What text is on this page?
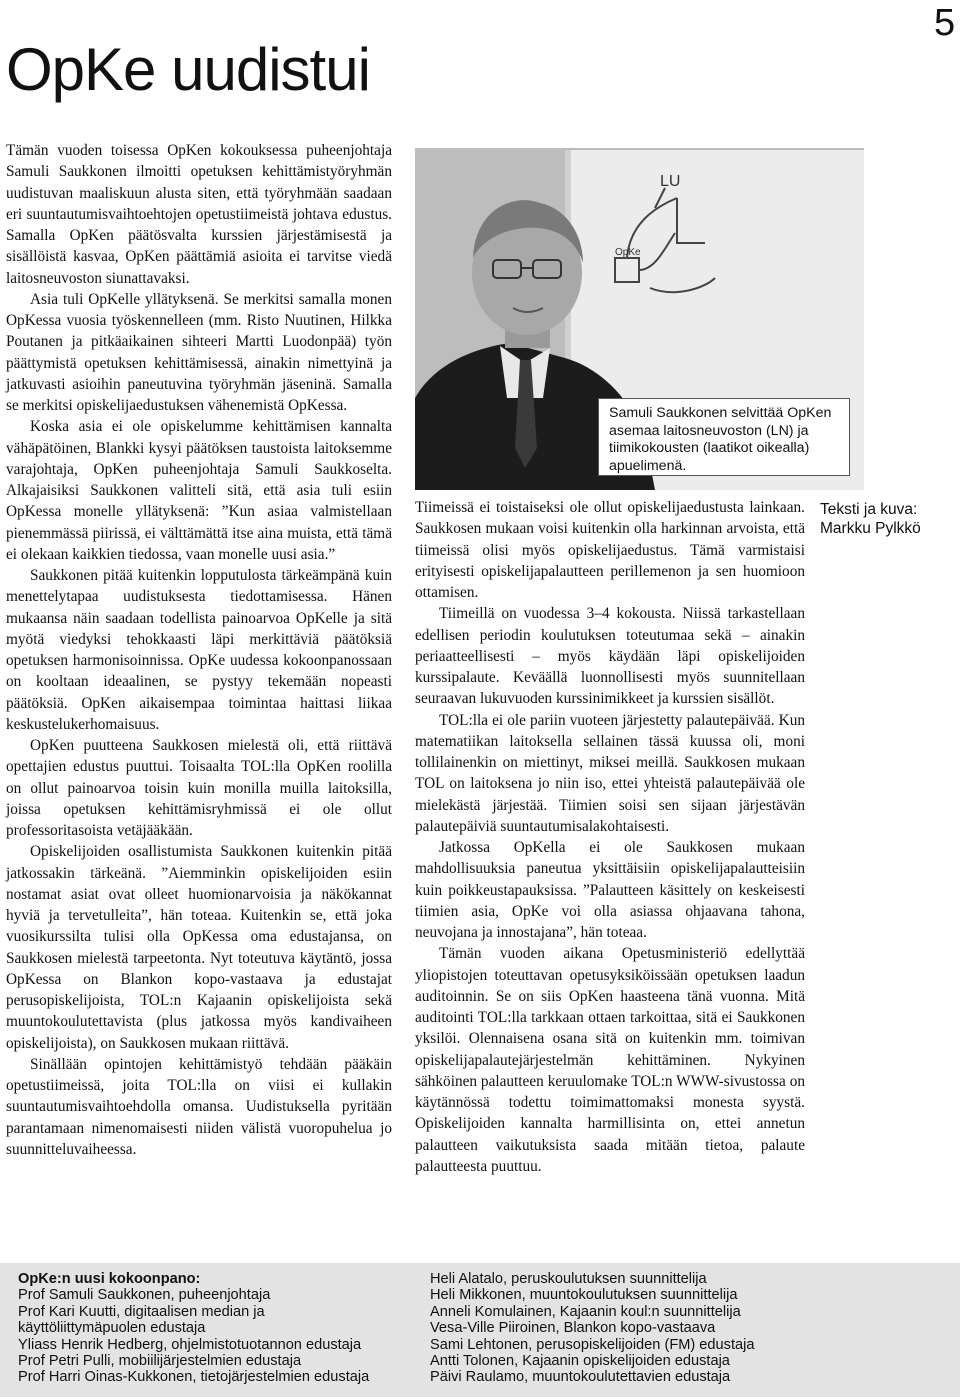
5
OpKe uudistui

Tämän vuoden toisessa OpKen kokouksessa puheenjohtaja Samuli Saukkonen ilmoitti opetuksen kehittämistyöryhmän uudistuvan maaliskuun alusta siten, että työryhmään saadaan eri suuntautumisvaihtoehtojen opetustiimeistä johtava edustus. Samalla OpKen päätösvalta kurssien järjestämisestä ja sisällöistä kasvaa, OpKen päättämiä asioita ei tarvitse viedä laitosneuvoston siunattavaksi.

Asia tuli OpKelle yllätyksenä. Se merkitsi samalla monen OpKessa vuosia työskennelleen (mm. Risto Nuutinen, Hilkka Poutanen ja pitkäaikainen sihteeri Martti Luodonpää) työn päättymistä opetuksen kehittämisessä, ainakin nimettyinä ja jatkuvasti asioihin paneutuvina työryhmän jäseninä. Samalla se merkitsi opiskelijaedustuksen vähenemistä OpKessa.

Koska asia ei ole opiskelumme kehittämisen kannalta vähäpätöinen, Blankki kysyi päätöksen taustoista laitoksemme varajohtaja, OpKen puheenjohtaja Samuli Saukkoselta. Alkajaisiksi Saukkonen valitteli sitä, että asia tuli esiin OpKessa monelle yllätyksenä: ”Kun asiaa valmistellaan pienemmässä piirissä, ei välttämättä itse aina muista, että tämä ei olekaan kaikkien tiedossa, vaan monelle uusi asia.”

Saukkonen pitää kuitenkin lopputulosta tärkeämpänä kuin menettelytapaa uudistuksesta tiedottamisessa. Hänen mukaansa näin saadaan todellista painoarvoa OpKelle ja sitä myötä viedyksi tehokkaasti läpi merkittäviä päätöksiä opetuksen harmonisoinnissa. OpKe uudessa kokoonpanossaan on kooltaan ideaalinen, se pystyy tekemään nopeasti päätöksiä. OpKen aikaisempaa toimintaa haittasi liikaa keskustelukerhomaisuus.

OpKen puutteena Saukkosen mielestä oli, että riittävä opettajien edustus puuttui. Toisaalta TOL:lla OpKen roolilla on ollut painoarvoa toisin kuin monilla muilla laitoksilla, joissa opetuksen kehittämisryhmissä ei ole ollut professoritasoista vetäjääkään.

Opiskelijoiden osallistumista Saukkonen kuitenkin pitää jatkossakin tärkeänä. ”Aiemminkin opiskelijoiden esiin nostamat asiat ovat olleet huomionarvoisia ja näkökannat hyviä ja tervetulleita”, hän toteaa. Kuitenkin se, että joka vuosikurssilta tulisi olla OpKessa oma edustajansa, on Saukkosen mielestä tarpeetonta. Nyt toteutuva käytäntö, jossa OpKessa on Blankon kopo-vastaava ja edustajat perusopiskelijoista, TOL:n Kajaanin opiskelijoista sekä muuntokoulutettavista (plus jatkossa myös kandivaiheen opiskelijoista), on Saukkosen mukaan riittävä.

Sinällään opintojen kehittämistyö tehdään pääkäin opetustiimeissä, joita TOL:lla on viisi ei kullakin suuntautumisvaihtoehdolla omansa. Uudistuksella pyritään parantamaan nimenomaisesti niiden välistä vuoropuhelua jo suunnitteluvaiheessa.

LU
OpKe
Samuli Saukkonen selvittää OpKen asemaa laitosneuvoston (LN) ja tiimikokousten (laatikot oikealla) apuelimenä.
Teksti ja kuva:
Markku Pylkkö

Tiimeissä ei toistaiseksi ole ollut opiskelijaedustusta lainkaan. Saukkosen mukaan voisi kuitenkin olla harkinnan arvoista, että tiimeissä olisi myös opiskelijaedustus. Tämä varmistaisi erityisesti opiskelijapalautteen perillemenon ja sen huomioon ottamisen.

Tiimeillä on vuodessa 3–4 kokousta. Niissä tarkastellaan edellisen periodin koulutuksen toteutumaa sekä – ainakin periaatteellisesti – myös käydään läpi opiskelijoiden kurssipalaute. Keväällä luonnollisesti myös suunnitellaan seuraavan lukuvuoden kurssinimikkeet ja kurssien sisällöt.

TOL:lla ei ole pariin vuoteen järjestetty palautepäivää. Kun matematiikan laitoksella sellainen tässä kuussa oli, moni tollilainenkin on miettinyt, miksei meillä. Saukkosen mukaan TOL on laitoksena jo niin iso, ettei yhteistä palautepäivää ole mielekästä järjestää. Tiimien soisi sen sijaan järjestävän palautepäiviä suuntautumisalakohtaisesti.

Jatkossa OpKella ei ole Saukkosen mukaan mahdollisuuksia paneutua yksittäisiin opiskelijapalautteisiin kuin poikkeustapauksissa. ”Palautteen käsittely on keskeisesti tiimien asia, OpKe voi olla asiassa ohjaavana tahona, neuvojana ja innostajana”, hän toteaa.

Tämän vuoden aikana Opetusministeriö edellyttää yliopistojen toteuttavan opetusyksiköissään opetuksen laadun auditoinnin. Se on siis OpKen haasteena tänä vuonna. Mitä auditointi TOL:lla tarkkaan ottaen tarkoittaa, sitä ei Saukkonen yksilöi. Olennaisena osana sitä on kuitenkin mm. toimivan opiskelijapalautejärjestelmän kehittäminen. Nykyinen sähköinen palautteen keruulomake TOL:n WWW-sivustossa on käytännössä todettu toimimattomaksi monesta syystä. Opiskelijoiden kannalta harmillisinta on, ettei annetun palautteen vaikutuksista saada mitään tietoa, palaute palautteesta puuttuu.

OpKe:n uusi kokoonpano:
Prof Samuli Saukkonen, puheenjohtaja
Prof Kari Kuutti, digitaalisen median ja
käyttöliittymäpuolen edustaja
Yliass Henrik Hedberg, ohjelmistotuotannon edustaja
Prof Petri Pulli, mobiilijärjestelmien edustaja
Prof Harri Oinas-Kukkonen, tietojärjestelmien edustaja
Heli Alatalo, peruskoulutuksen suunnittelija
Heli Mikkonen, muuntokoulutuksen suunnittelija
Anneli Komulainen, Kajaanin koul:n suunnittelija
Vesa-Ville Piiroinen, Blankon kopo-vastaava
Sami Lehtonen, perusopiskelijoiden (FM) edustaja
Antti Tolonen, Kajaanin opiskelijoiden edustaja
Päivi Raulamo, muuntokoulutettavien edustaja
